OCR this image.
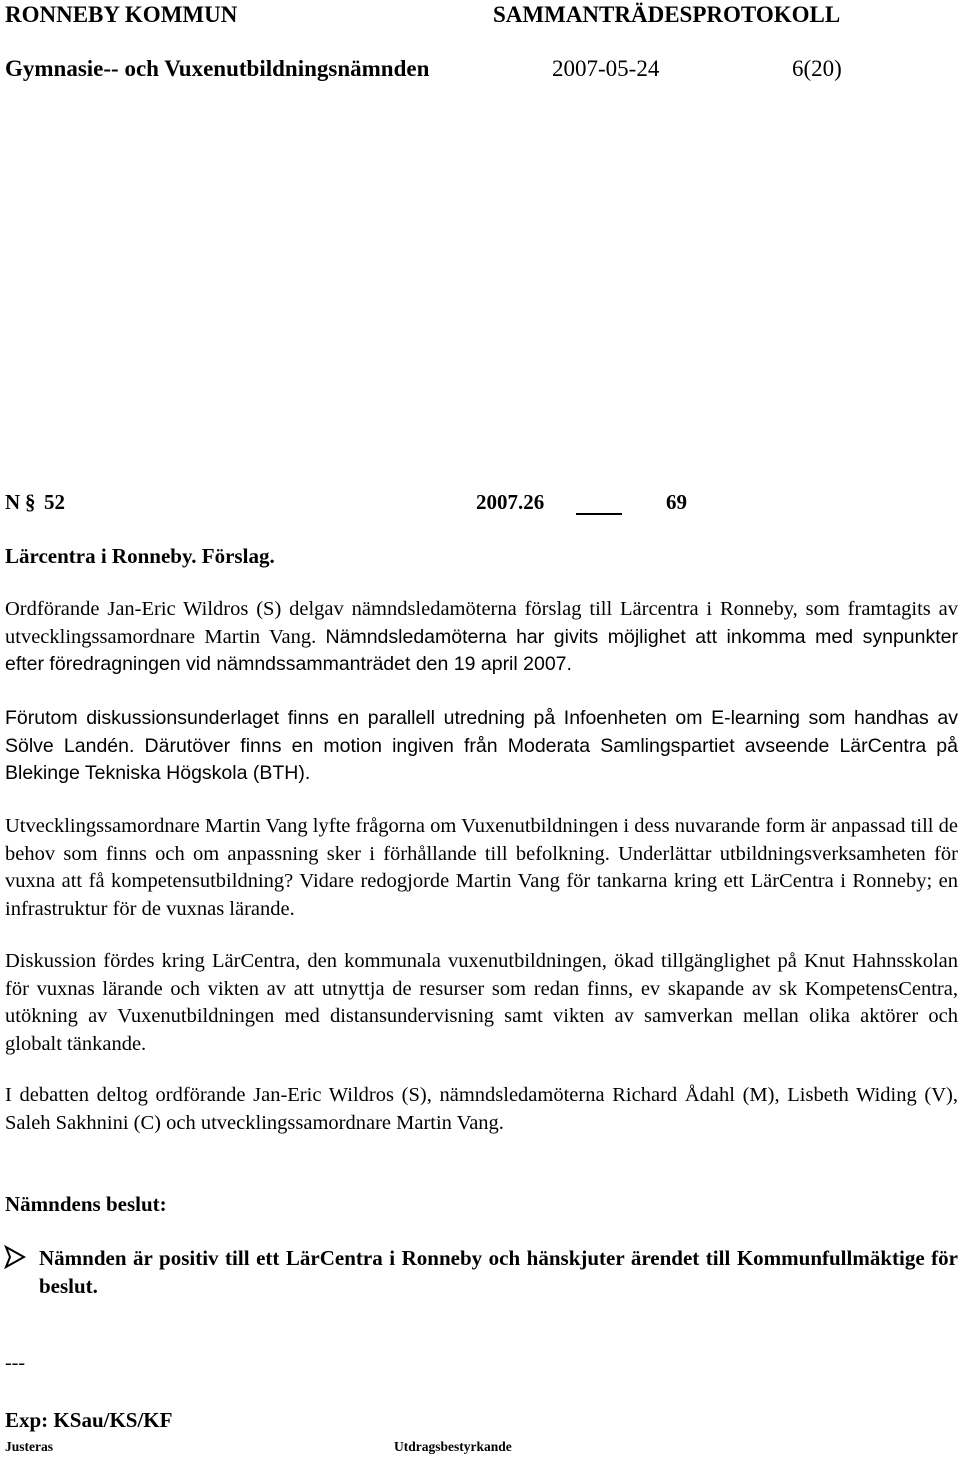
RONNEBY KOMMUN	SAMMANTRÄDESPROTOKOLL
Gymnasie-- och Vuxenutbildningsnämnden	2007-05-24	6(20)
N § 52	2007.26	69
Lärcentra i Ronneby. Förslag.

Ordförande Jan-Eric Wildros (S) delgav nämndsledamöterna förslag till Lärcentra i Ronneby, som framtagits av utvecklingssamordnare Martin Vang. Nämndsledamöterna har givits möjlighet att inkomma med synpunkter efter föredragningen vid nämndssammanträdet den 19 april 2007.

Förutom diskussionsunderlaget finns en parallell utredning på Infoenheten om E-learning som handhas av Sölve Landén. Därutöver finns en motion ingiven från Moderata Samlingspartiet avseende LärCentra på Blekinge Tekniska Högskola (BTH).

Utvecklingssamordnare Martin Vang lyfte frågorna om Vuxenutbildningen i dess nuvarande form är anpassad till de behov som finns och om anpassning sker i förhållande till befolkning. Underlättar utbildningsverksamheten för vuxna att få kompetensutbildning? Vidare redogjorde Martin Vang för tankarna kring ett LärCentra i Ronneby; en infrastruktur för de vuxnas lärande.

Diskussion fördes kring LärCentra, den kommunala vuxenutbildningen, ökad tillgänglighet på Knut Hahnsskolan för vuxnas lärande och vikten av att utnyttja de resurser som redan finns, ev skapande av sk KompetensCentra, utökning av Vuxenutbildningen med distansundervisning samt vikten av samverkan mellan olika aktörer och globalt tänkande.

I debatten deltog ordförande Jan-Eric Wildros (S), nämndsledamöterna Richard Ådahl (M), Lisbeth Widing (V), Saleh Sakhnini (C) och utvecklingssamordnare Martin Vang.

Nämndens beslut:

Nämnden är positiv till ett LärCentra i Ronneby och hänskjuter ärendet till Kommunfullmäktige för beslut.

---
Exp: KSau/KS/KF
Justeras	Utdragsbestyrkande
